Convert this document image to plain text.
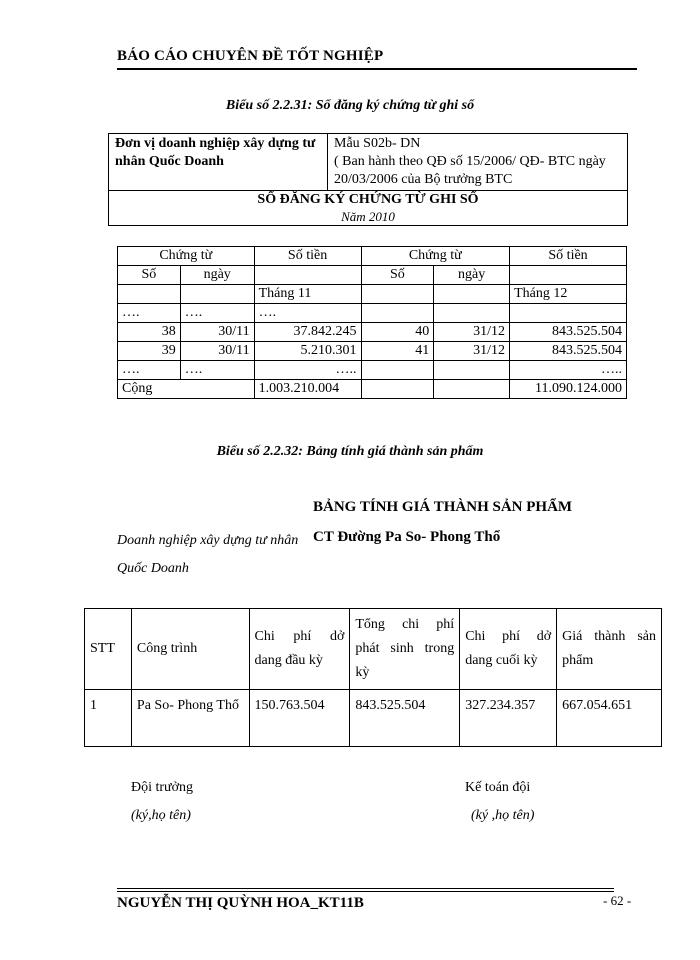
BÁO CÁO CHUYÊN ĐỀ TỐT NGHIỆP
Biểu số 2.2.31: Sổ đăng ký chứng từ ghi sổ
Đơn vị doanh nghiệp xây dựng tư nhân Quốc Doanh	
Mẫu S02b- DN
( Ban hành theo QĐ số 15/2006/ QĐ- BTC ngày 20/03/2006 của Bộ trưởng BTC

SỔ ĐĂNG KÝ CHỨNG TỪ GHI SỔ
Năm 2010
Chứng từ		Số tiền	Chứng từ		Số tiền
Số	ngày		Số	ngày	
		Tháng 11			Tháng 12
….	….	….			
38	30/11	37.842.245	40	31/12	843.525.504
39	30/11	5.210.301	41	31/12	843.525.504
….	….	…..			…..
Cộng		1.003.210.004			11.090.124.000
Biểu số 2.2.32: Bảng tính giá thành sản phẩm
BẢNG TÍNH GIÁ THÀNH SẢN PHẨM
Doanh nghiệp xây dựng tư nhân Quốc Doanh
CT Đường Pa So- Phong Thổ
STT	Công trình	Chi phí dở dang đầu kỳ	Tổng chi phí phát sinh trong kỳ	Chi phí dở dang cuối kỳ	Giá thành sản phẩm
1	Pa So- Phong Thổ	150.763.504	843.525.504	327.234.357	667.054.651
Đội trưởng
(ký,họ tên)
Kế toán đội
(ký ,họ tên)
NGUYỄN THỊ QUỲNH HOA_KT11B	- 62 -
